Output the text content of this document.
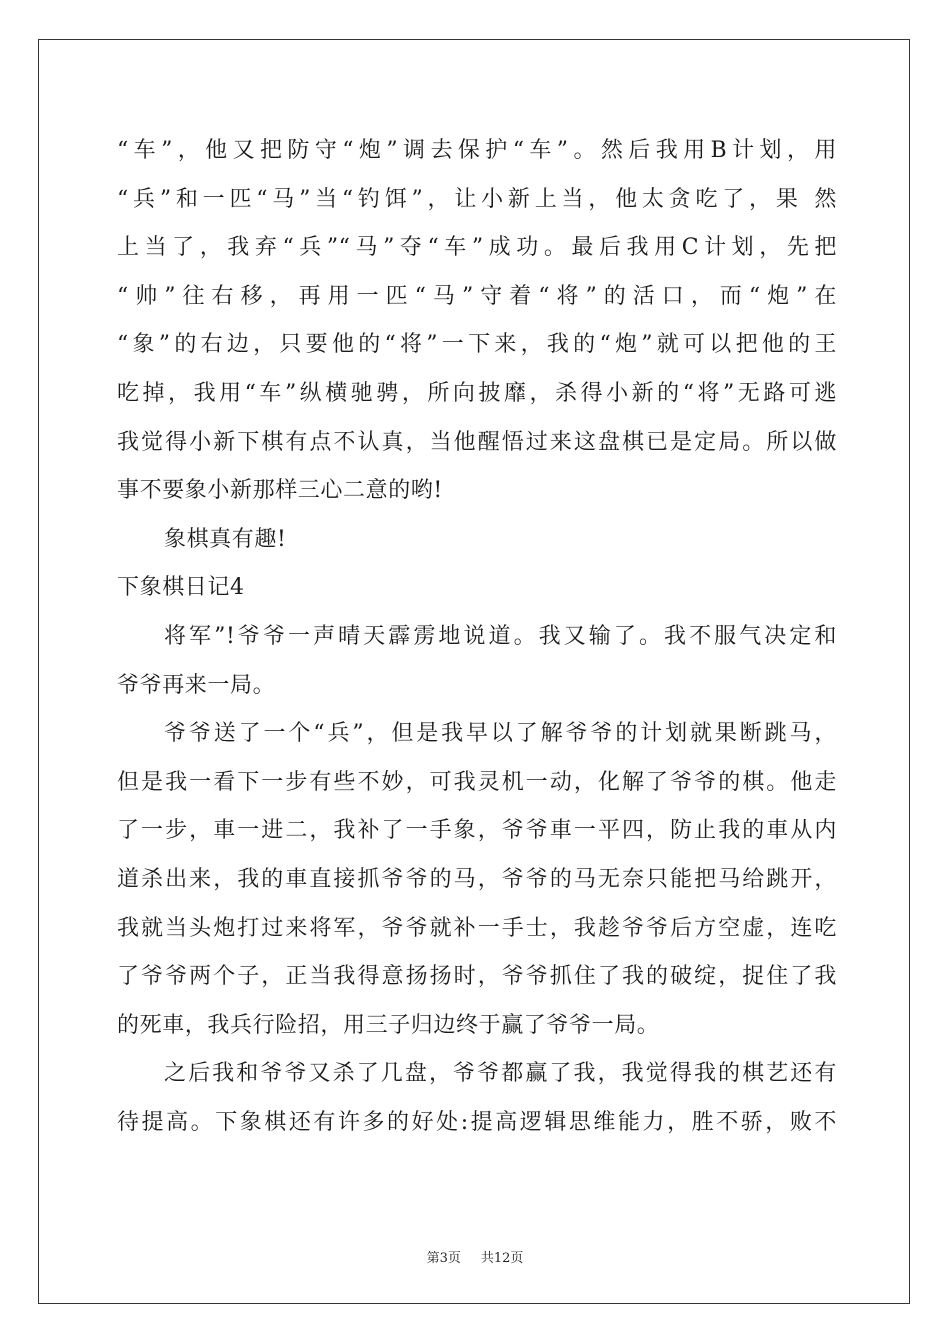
“车”，他又把防守“炮”调去保护“车”。然后我用B计划，用
“兵”和一匹“马”当“钓饵”，让小新上当，他太贪吃了，果 然
上当了，我弃“兵”“马”夺“车”成功。最后我用C计划，先把
“帅”往右移，再用一匹“马”守着“将”的活口，而“炮”在
“象”的右边，只要他的“将”一下来，我的“炮”就可以把他的王
吃掉，我用“车”纵横驰骋，所向披靡，杀得小新的“将”无路可逃
我觉得小新下棋有点不认真，当他醒悟过来这盘棋已是定局。所以做
事不要象小新那样三心二意的哟!
象棋真有趣!
下象棋日记4
将军”!爷爷一声晴天霹雳地说道。我又输了。我不服气决定和
爷爷再来一局。
爷爷送了一个“兵”，但是我早以了解爷爷的计划就果断跳马，
但是我一看下一步有些不妙，可我灵机一动，化解了爷爷的棋。他走
了一步，車一进二，我补了一手象，爷爷車一平四，防止我的車从内
道杀出来，我的車直接抓爷爷的马，爷爷的马无奈只能把马给跳开，
我就当头炮打过来将军，爷爷就补一手士，我趁爷爷后方空虚，连吃
了爷爷两个子，正当我得意扬扬时，爷爷抓住了我的破绽，捉住了我
的死車，我兵行险招，用三子归边终于赢了爷爷一局。
之后我和爷爷又杀了几盘，爷爷都赢了我，我觉得我的棋艺还有
待提高。下象棋还有许多的好处:提高逻辑思维能力，胜不骄，败不
第3页 共12页
